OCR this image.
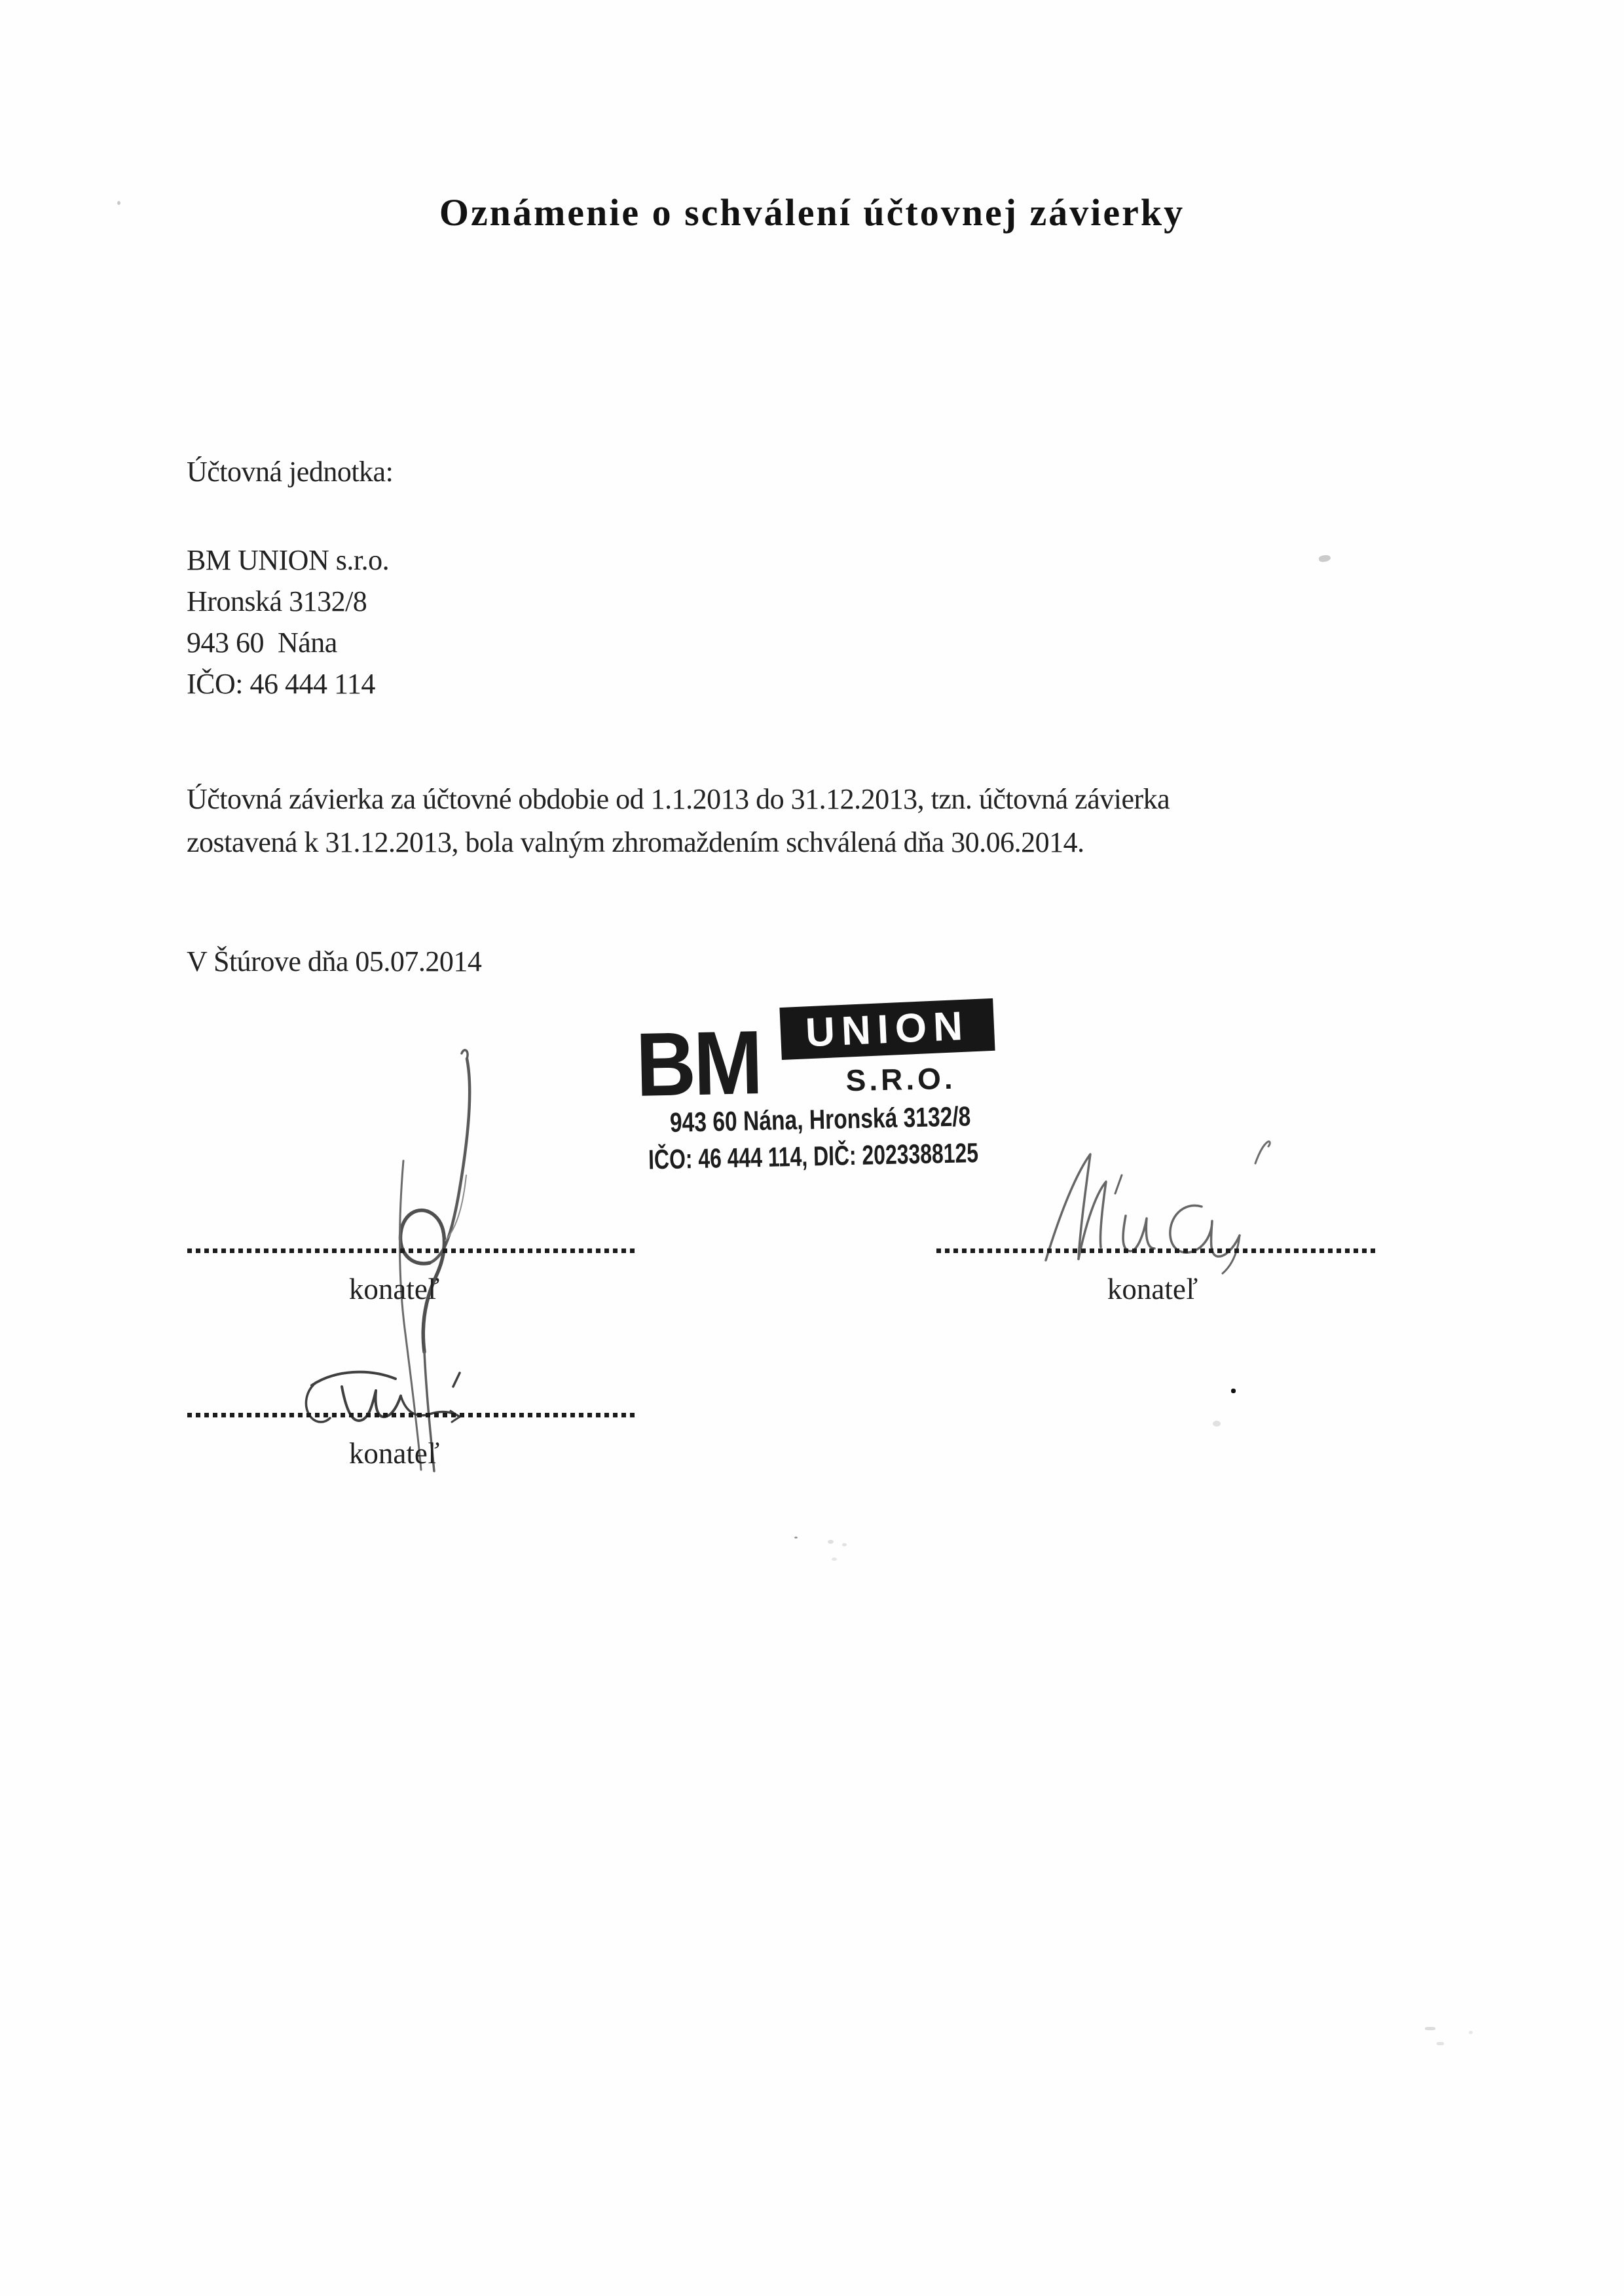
Oznámenie o schválení účtovnej závierky
Účtovná jednotka:
BM UNION s.r.o.
Hronská 3132/8
943 60  Nána
IČO: 46 444 114
Účtovná závierka za účtovné obdobie od 1.1.2013 do 31.12.2013, tzn. účtovná závierka
zostavená k 31.12.2013, bola valným zhromaždením schválená dňa 30.06.2014.
V Štúrove dňa 05.07.2014
BM UNION
S.R.O.
943 60 Nána, Hronská 3132/8
IČO: 46 444 114, DIČ: 2023388125
konateľ	konateľ
konateľ
